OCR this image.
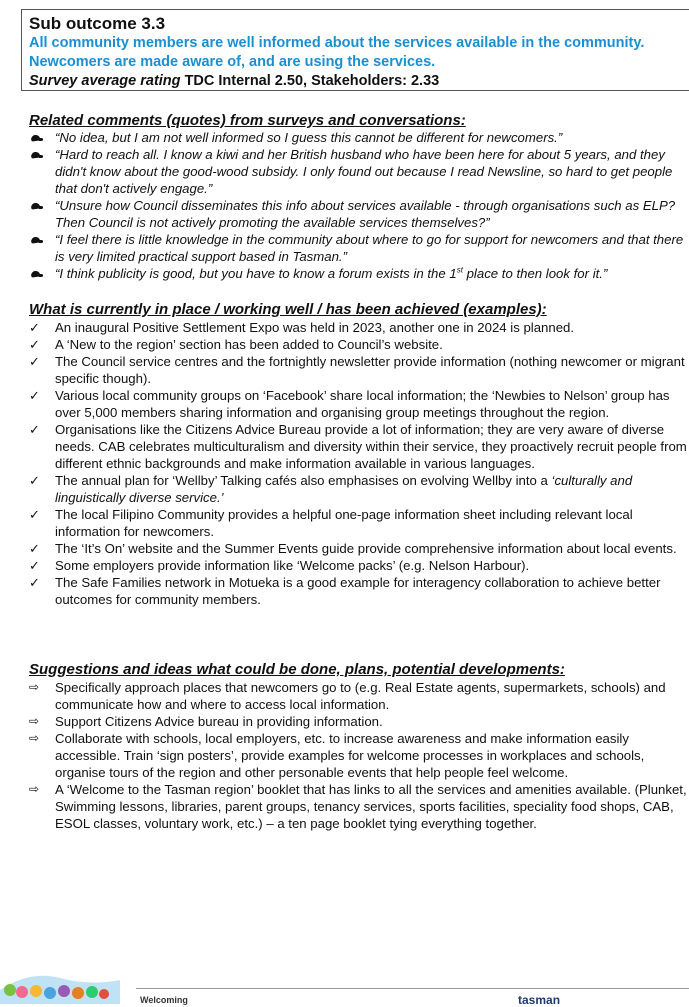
Sub outcome 3.3
All community members are well informed about the services available in the community. Newcomers are made aware of, and are using the services.
Survey average rating TDC Internal 2.50, Stakeholders: 2.33
Related comments (quotes) from surveys and conversations:
“No idea, but I am not well informed so I guess this cannot be different for newcomers.”
“Hard to reach all. I know a kiwi and her British husband who have been here for about 5 years, and they didn't know about the good-wood subsidy. I only found out because I read Newsline, so hard to get people that don't actively engage.”
“Unsure how Council disseminates this info about services available - through organisations such as ELP? Then Council is not actively promoting the available services themselves?”
“I feel there is little knowledge in the community about where to go for support for newcomers and that there is very limited practical support based in Tasman.”
“I think publicity is good, but you have to know a forum exists in the 1st place to then look for it.”
What is currently in place / working well / has been achieved (examples):
✓	An inaugural Positive Settlement Expo was held in 2023, another one in 2024 is planned.
✓	A ‘New to the region’ section has been added to Council’s website.
✓	The Council service centres and the fortnightly newsletter provide information (nothing newcomer or migrant specific though).
✓	Various local community groups on ‘Facebook’ share local information; the ‘Newbies to Nelson’ group has over 5,000 members sharing information and organising group meetings throughout the region.
✓	Organisations like the Citizens Advice Bureau provide a lot of information; they are very aware of diverse needs. CAB celebrates multiculturalism and diversity within their service, they proactively recruit people from different ethnic backgrounds and make information available in various languages.
✓	The annual plan for ‘Wellby’ Talking cafés also emphasises on evolving Wellby into a ‘culturally and linguistically diverse service.’
✓	The local Filipino Community provides a helpful one-page information sheet including relevant local information for newcomers.
✓	The ‘It’s On’ website and the Summer Events guide provide comprehensive information about local events.
✓	Some employers provide information like ‘Welcome packs’ (e.g. Nelson Harbour).
✓	The Safe Families network in Motueka is a good example for interagency collaboration to achieve better outcomes for community members.
Suggestions and ideas what could be done, plans, potential developments:
⇨	Specifically approach places that newcomers go to (e.g. Real Estate agents, supermarkets, schools) and communicate how and where to access local information.
⇨	Support Citizens Advice bureau in providing information.
⇨	Collaborate with schools, local employers, etc. to increase awareness and make information easily accessible. Train ‘sign posters’, provide examples for welcome processes in workplaces and schools, organise tours of the region and other personable events that help people feel welcome.
⇨	A ‘Welcome to the Tasman region’ booklet that has links to all the services and amenities available. (Plunket, Swimming lessons, libraries, parent groups, tenancy services, sports facilities, speciality food shops, CAB, ESOL classes, voluntary work, etc.) – a ten page booklet tying everything together.
Welcoming	tasman
